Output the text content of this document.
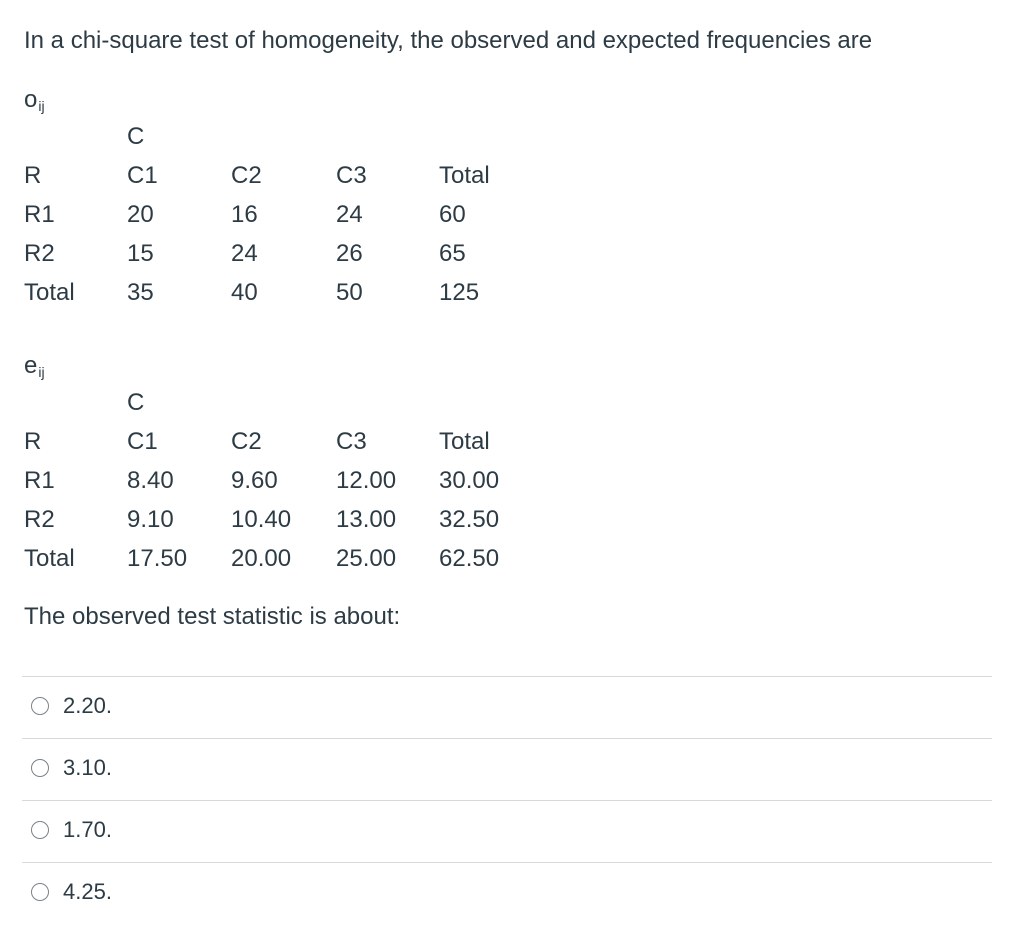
In a chi-square test of homogeneity, the observed and expected frequencies are
$o_{ij}$
C
R	C1	C2	C3	Total
R1	20	16	24	60
R2	15	24	26	65
Total 35	40	50	125
$e_{ij}$
C
R	C1	C2	C3	Total
R1	8.40 9.60 12.00 30.00
R2	9.10 10.40 13.00 32.50
Total 17.50 20.00 25.00 62.50
The observed test statistic is about:
2.20.
3.10.
1.70.
4.25.
